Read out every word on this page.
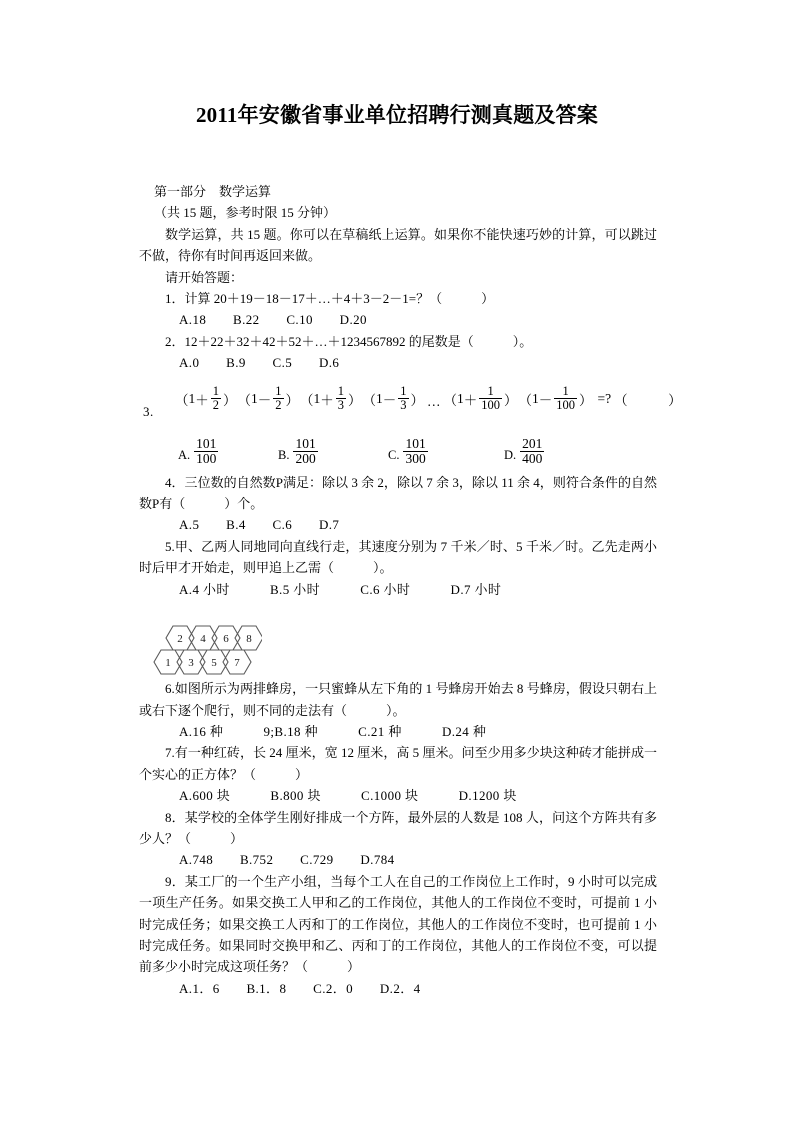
2011年安徽省事业单位招聘行测真题及答案

第一部分　数学运算

（共 15 题，参考时限 15 分钟）

数学运算，共 15 题。你可以在草稿纸上运算。如果你不能快速巧妙的计算，可以跳过不做，待你有时间再返回来做。

请开始答题：

1．计算 20＋19－18－17＋…＋4＋3－2－1=？（　　　）

A.18　　B.22　　C.10　　D.20

2．12＋22＋32＋42＋52＋…＋1234567892 的尾数是（　　　）。

A.0　　B.9　　C.5　　D.6

4．三位数的自然数P满足：除以 3 余 2，除以 7 余 3，除以 11 余 4，则符合条件的自然数P有（　　　）个。

A.5　　B.4　　C.6　　D.7

5.甲、乙两人同地同向直线行走，其速度分别为 7 千米／时、5 千米／时。乙先走两小时后甲才开始走，则甲追上乙需（　　　）。

A.4 小时　　　B.5 小时　　　C.6 小时　　　D.7 小时

6.如图所示为两排蜂房，一只蜜蜂从左下角的 1 号蜂房开始去 8 号蜂房，假设只朝右上或右下逐个爬行，则不同的走法有（　　　）。

A.16 种　　　9;B.18 种　　　C.21 种　　　D.24 种

7.有一种红砖，长 24 厘米，宽 12 厘米，高 5 厘米。问至少用多少块这种砖才能拼成一个实心的正方体？（　　　）

A.600 块　　　B.800 块　　　C.1000 块　　　D.1200 块

8．某学校的全体学生刚好排成一个方阵，最外层的人数是 108 人，问这个方阵共有多少人？（　　　）

A.748　　B.752　　C.729　　D.784

9．某工厂的一个生产小组，当每个工人在自己的工作岗位上工作时，9 小时可以完成一项生产任务。如果交换工人甲和乙的工作岗位，其他人的工作岗位不变时，可提前 1 小时完成任务；如果交换工人丙和丁的工作岗位，其他人的工作岗位不变时，也可提前 1 小时完成任务。如果同时交换甲和乙、丙和丁的工作岗位，其他人的工作岗位不变，可以提前多少小时完成这项任务？（　　　）

A.1．6　　B.1．8　　C.2．0　　D.2．4
3.
（ $1 + \frac{1}{2}$ ） （ $1 - \frac{1}{2}$ ） （ $1 + \frac{1}{3}$ ） （ $1 - \frac{1}{3}$ ） … （ $1 + \frac{1}{100}$ ） （ $1 - \frac{1}{100}$ ） =? （　　　）
A. $\frac{101}{100}$	B. $\frac{101}{200}$	C. $\frac{101}{300}$	D. $\frac{201}{400}$
2 4 6 8
1 3 5 7
